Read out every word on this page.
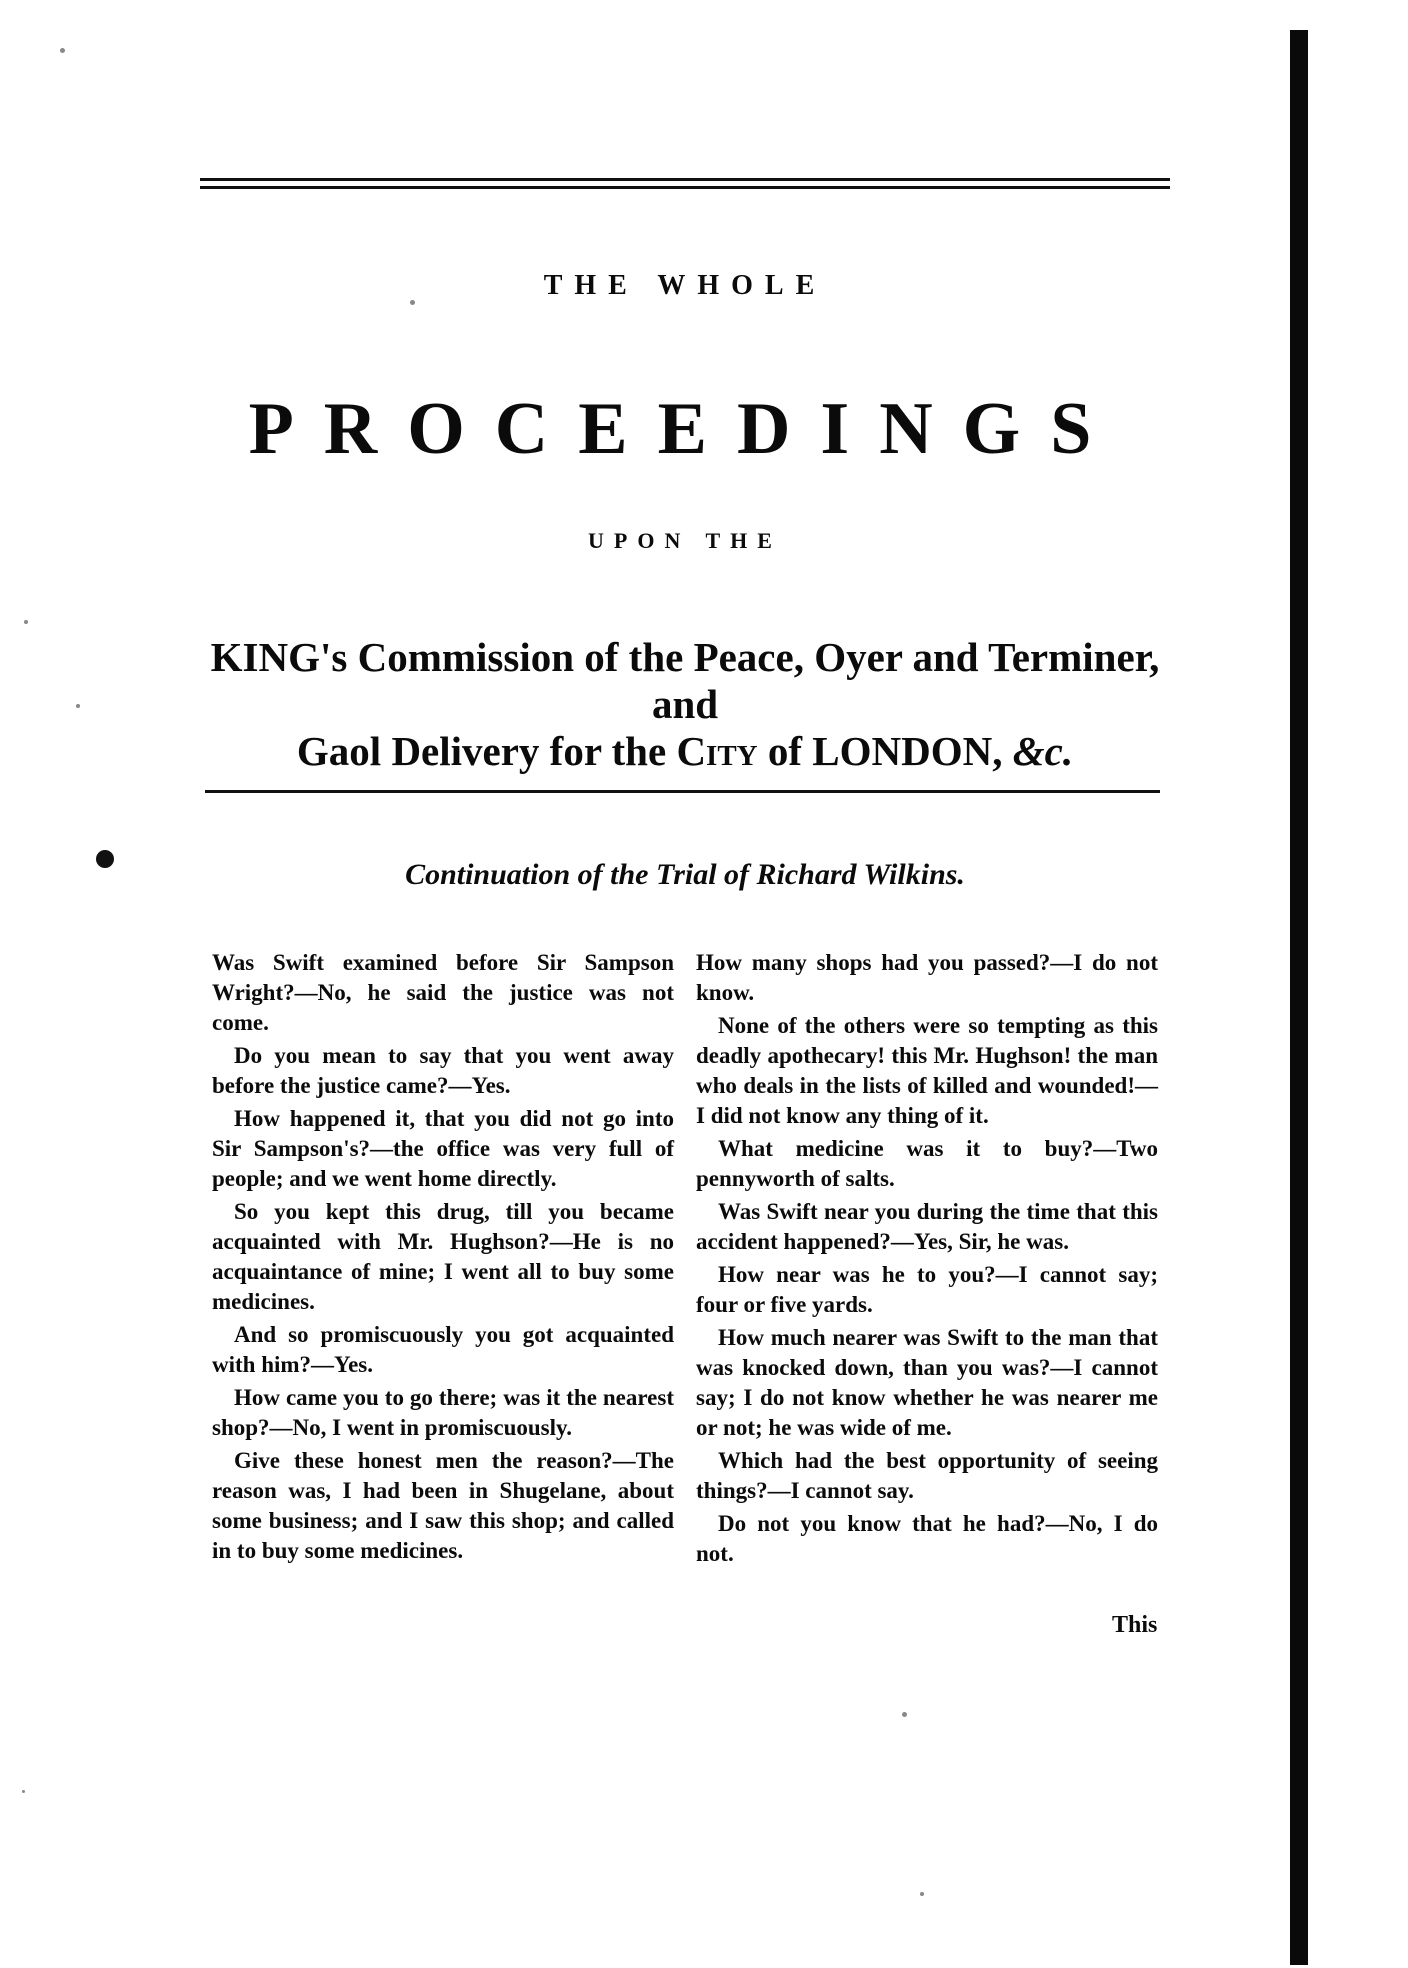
THE WHOLE
PROCEEDINGS
UPON THE
KING's Commission of the Peace, Oyer and Terminer, and
Gaol Delivery for the City of LONDON, &c.
Continuation of the Trial of Richard Wilkins.

Was Swift examined before Sir Sampson Wright?—No, he said the justice was not come.

Do you mean to say that you went away before the justice came?—Yes.

How happened it, that you did not go into Sir Sampson's?—the office was very full of people; and we went home directly.

So you kept this drug, till you became acquainted with Mr. Hughson?—He is no acquaintance of mine; I went all to buy some medicines.

And so promiscuously you got acquainted with him?—Yes.

How came you to go there; was it the nearest shop?—No, I went in promiscuously.

Give these honest men the reason?—The reason was, I had been in Shugelane, about some business; and I saw this shop; and called in to buy some medicines.

How many shops had you passed?—I do not know.

None of the others were so tempting as this deadly apothecary! this Mr. Hughson! the man who deals in the lists of killed and wounded!—I did not know any thing of it.

What medicine was it to buy?—Two pennyworth of salts.

Was Swift near you during the time that this accident happened?—Yes, Sir, he was.

How near was he to you?—I cannot say; four or five yards.

How much nearer was Swift to the man that was knocked down, than you was?—I cannot say; I do not know whether he was nearer me or not; he was wide of me.

Which had the best opportunity of seeing things?—I cannot say.

Do not you know that he had?—No, I do not.

This
